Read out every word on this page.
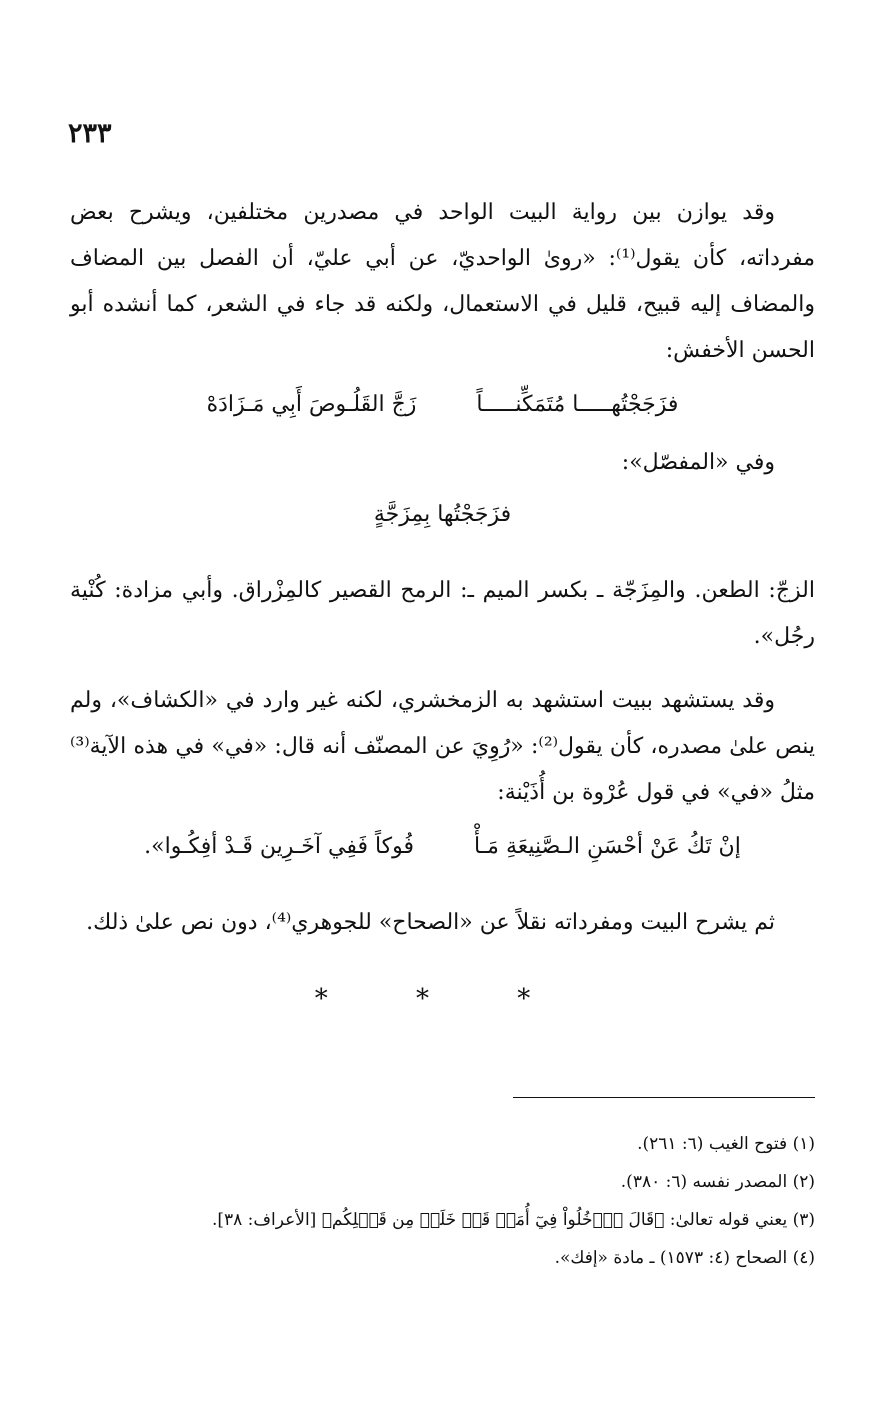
٢٣٣

وقد يوازن بين رواية البيت الواحد في مصدرين مختلفين، ويشرح بعض مفرداته، كأن يقول⁽¹⁾: «روىٰ الواحديّ، عن أبي عليّ، أن الفصل بين المضاف والمضاف إليه قبيح، قليل في الاستعمال، ولكنه قد جاء في الشعر، كما أنشده أبو الحسن الأخفش:

فزَجَجْتُهـــــا مُتَمَكِّنـــــاً
زَجَّ القَلُـوصَ أَبِي مَـزَادَهْ

وفي «المفصّل»:

فزَجَجْتُها بِمِزَجَّةٍ

الزجّ: الطعن. والمِزَجّة ـ بكسر الميم ـ: الرمح القصير كالمِزْراق. وأبي مزادة: كُنْية رجُل».

وقد يستشهد ببيت استشهد به الزمخشري، لكنه غير وارد في «الكشاف»، ولم ينص علىٰ مصدره، كأن يقول⁽²⁾: «رُوِيَ عن المصنّف أنه قال: «في» في هذه الآية⁽³⁾ مثلُ «في» في قول عُرْوة بن أُذَيْنة:

إنْ تَكُ عَنْ أحْسَنِ الـصَّنِيعَةِ مَـأْ
فُوكاً فَفِي آخَـرِين قَـدْ أفِكُـوا».

ثم يشرح البيت ومفرداته نقلاً عن «الصحاح» للجوهري⁽⁴⁾، دون نص علىٰ ذلك.

* * *

(١) فتوح الغيب (٦: ٢٦١).

(٢) المصدر نفسه (٦: ٣٨٠).

(٣) يعني قوله تعالىٰ: ﴿قَالَ ٱدۡخُلُواْ فِيٓ أُمَمٖ قَدۡ خَلَتۡ مِن قَبۡلِكُم﴾ [الأعراف: ٣٨].

(٤) الصحاح (٤: ١٥٧٣) ـ مادة «إفك».
